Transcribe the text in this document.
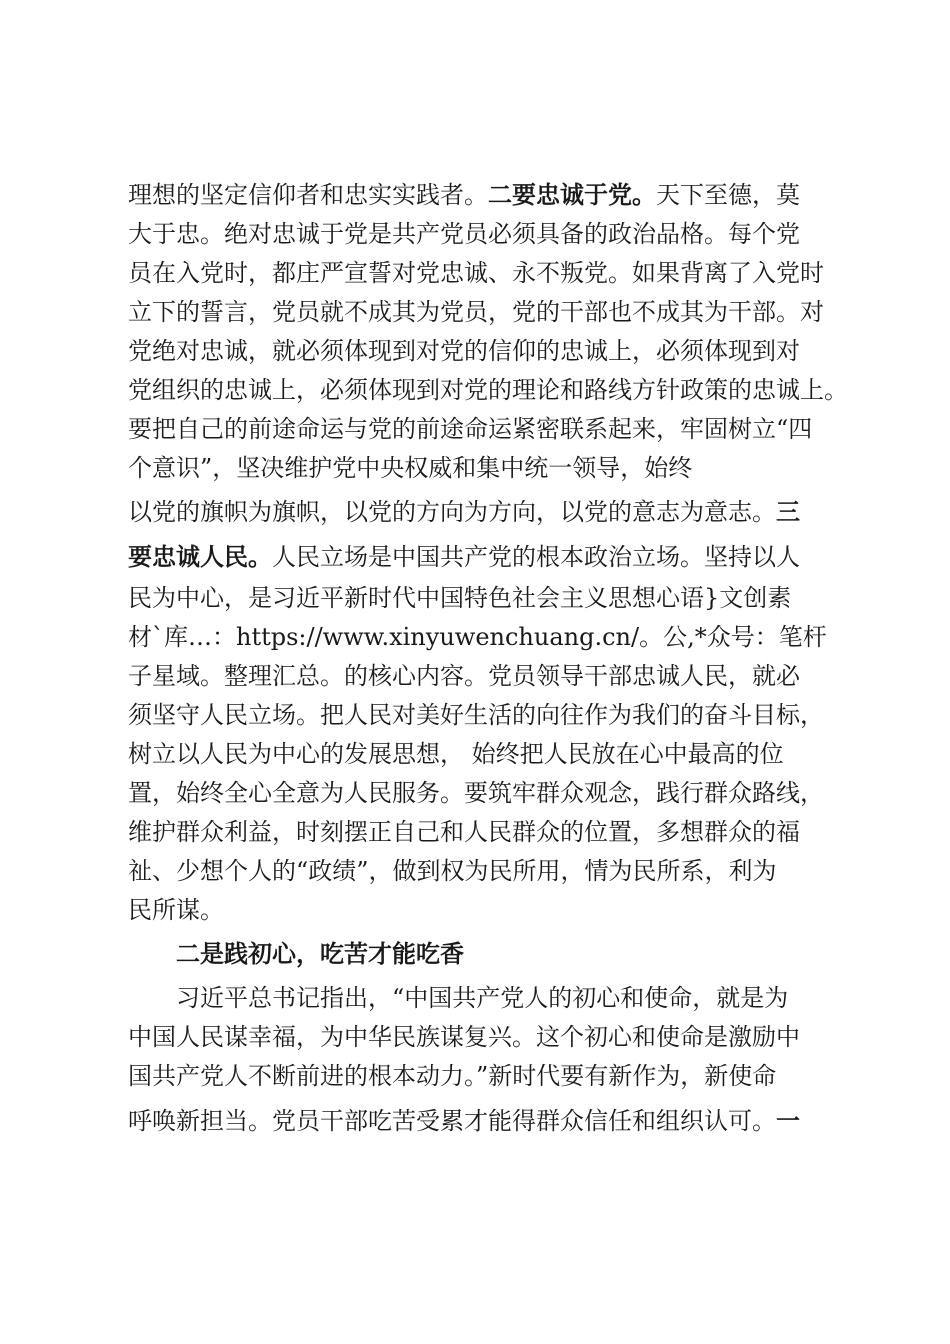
理想的坚定信仰者和忠实实践者。二要忠诚于党。天下至德，莫
大于忠。绝对忠诚于党是共产党员必须具备的政治品格。每个党
员在入党时，都庄严宣誓对党忠诚、永不叛党。如果背离了入党时
立下的誓言，党员就不成其为党员，党的干部也不成其为干部。对
党绝对忠诚，就必须体现到对党的信仰的忠诚上，必须体现到对
党组织的忠诚上，必须体现到对党的理论和路线方针政策的忠诚上。
要把自己的前途命运与党的前途命运紧密联系起来，牢固树立“四
个意识”，坚决维护党中央权威和集中统一领导，始终
以党的旗帜为旗帜，以党的方向为方向，以党的意志为意志。三
要忠诚人民。人民立场是中国共产党的根本政治立场。坚持以人
民为中心，是习近平新时代中国特色社会主义思想心语}文创素
材`库…：https://www.xinyuwenchuang.cn/。公,*众号：笔杆
子星域。整理汇总。的核心内容。党员领导干部忠诚人民，就必
须坚守人民立场。把人民对美好生活的向往作为我们的奋斗目标，
树立以人民为中心的发展思想， 始终把人民放在心中最高的位
置，始终全心全意为人民服务。要筑牢群众观念，践行群众路线，
维护群众利益，时刻摆正自己和人民群众的位置，多想群众的福
祉、少想个人的“政绩”，做到权为民所用，情为民所系，利为
民所谋。
二是践初心，吃苦才能吃香
习近平总书记指出，“中国共产党人的初心和使命，就是为
中国人民谋幸福，为中华民族谋复兴。这个初心和使命是激励中
国共产党人不断前进的根本动力。”新时代要有新作为，新使命
呼唤新担当。党员干部吃苦受累才能得群众信任和组织认可。一
